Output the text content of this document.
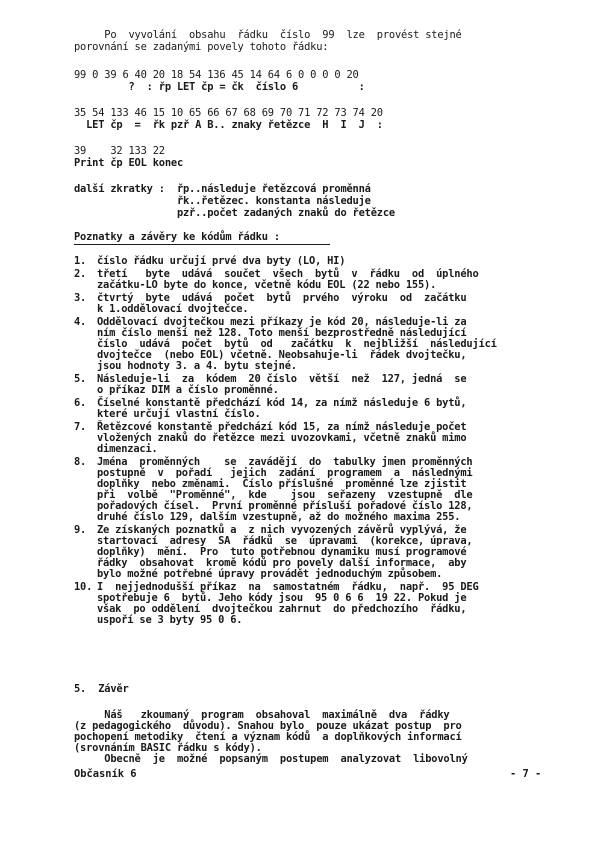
Po  vyvolání  obsahu  řádku  číslo  99  lze  provést stejné
porovnání se zadanými povely tohoto řádku:
99 0 39 6 40 20 18 54 136 45 14 64 6 0 0 0 0 20
?  : řp LET čp = čk  číslo 6          :
35 54 133 46 15 10 65 66 67 68 69 70 71 72 73 74 20
LET čp  =  řk pzř A B.. znaky řetězce  H  I  J  :
39    32 133 22
Print čp EOL konec
další zkratky :  řp..následuje řetězcová proměnná
řk..řetězec. konstanta následuje
pzř..počet zadaných znaků do řetězce
Poznatky a závěry ke kódům řádku :
1. číslo řádku určují prvé dva byty (LO, HI)
2. třetí   byte  udává  součet  všech  bytů  v  řádku  od  úplného
začátku-LO byte do konce, včetně kódu EOL (22 nebo 155).
3. čtvrtý  byte  udává  počet  bytů  prvého  výroku  od  začátku
k 1.oddělovací dvojtečce.
4. Oddělovací dvojtečkou mezi příkazy je kód 20, následuje-li za
ním číslo menší než 128. Toto menší bezprostředně následující
číslo  udává  počet  bytů  od   začátku  k  nejbližší  následující
dvojtečce  (nebo EOL) včetně. Neobsahuje-li  řádek dvojtečku,
jsou hodnoty 3. a 4. bytu stejné.
5. Následuje-li  za  kódem  20 číslo  větší  než  127, jedná  se
o příkaz DIM a číslo proměnné.
6. Číselné konstantě předchází kód 14, za nímž následuje 6 bytů,
které určují vlastní číslo.
7. Řetězcové konstantě předchází kód 15, za nímž následuje počet
vložených znaků do řetězce mezi uvozovkami, včetně znaků mimo
dimenzaci.
8. Jména  proměnných    se  zavádějí  do  tabulky jmen proměnných
postupně  v  pořadí   jejich  zadání  programem  a  následnými
doplňky  nebo změnami.  Číslo příslušné  proměnné lze zjistit
při  volbě  "Proměnné",  kde    jsou  seřazeny  vzestupně  dle
pořadových čísel.  První proměnné přísluší pořadové číslo 128,
druhé číslo 129, dalším vzestupně, až do možného maxima 255.
9. Ze získaných poznatků a  z nich vyvozených závěrů vyplývá, že
startovací  adresy  SA  řádků  se  úpravami  (korekce, úprava,
doplňky)  mění.  Pro  tuto potřebnou dynamiku musí programové
řádky  obsahovat  kromě kódů pro povely další informace,  aby
bylo možné potřebné úpravy provádět jednoduchým způsobem.
10. I  nejjednodušší příkaz  na  samostatném  řádku,  např.  95 DEG
spotřebuje 6  bytů. Jeho kódy jsou  95 0 6 6  19 22. Pokud je
však  po oddělení  dvojtečkou zahrnut  do předchozího  řádku,
uspoří se 3 byty 95 0 6.
5.  Závěr
Náš   zkoumaný  program  obsahoval  maximálně  dva  řádky
(z pedagogického  důvodu). Snahou bylo  pouze ukázat postup  pro
pochopení metodiky  čtení a význam kódů  a doplňkových informací
(srovnáním BASIC řádku s kódy).
Obecně  je  možné  popsaným  postupem  analyzovat  libovolný
Občasník 6	- 7 -
